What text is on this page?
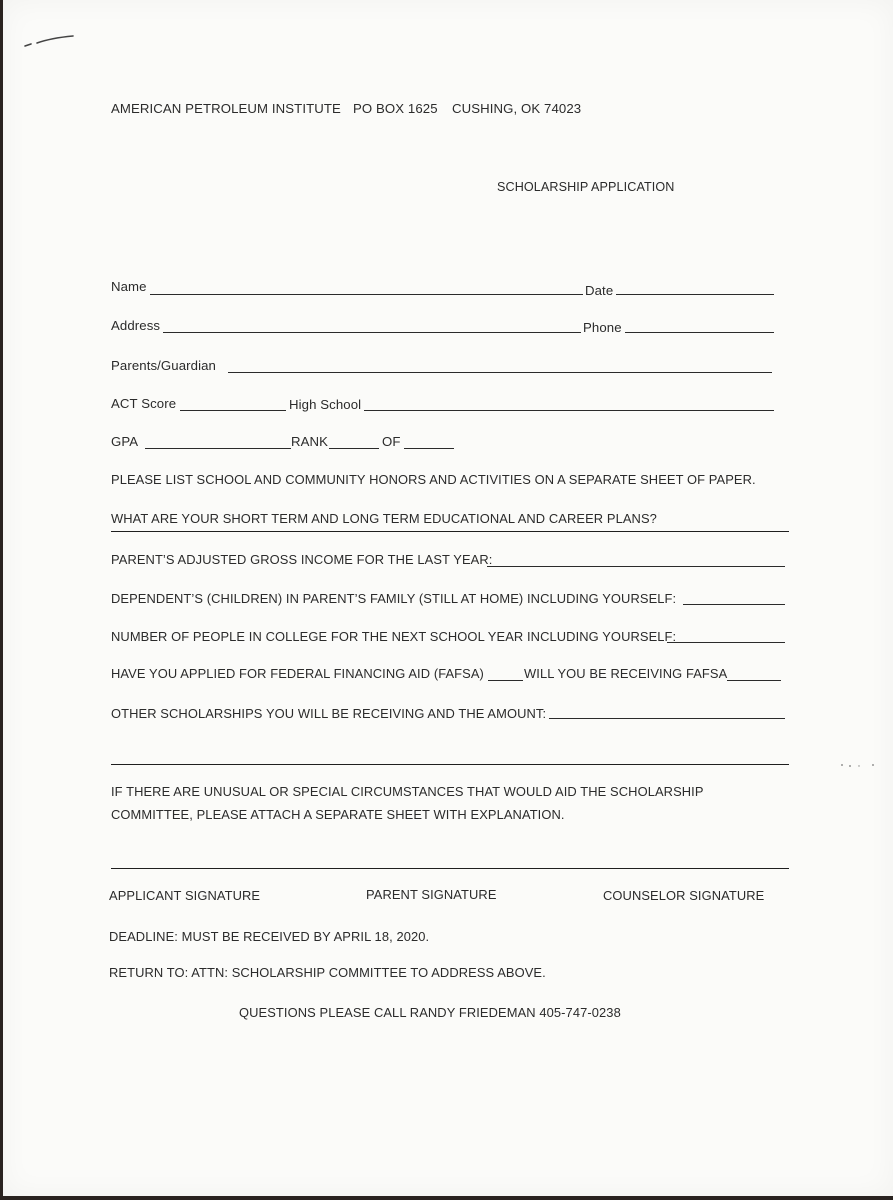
AMERICAN PETROLEUM INSTITUTE PO BOX 1625 CUSHING, OK 74023
SCHOLARSHIP APPLICATION
Name	Date
Address	Phone
Parents/Guardian
ACT Score	High School
GPA	RANK	OF
PLEASE LIST SCHOOL AND COMMUNITY HONORS AND ACTIVITIES ON A SEPARATE SHEET OF PAPER.
WHAT ARE YOUR SHORT TERM AND LONG TERM EDUCATIONAL AND CAREER PLANS?
PARENT’S ADJUSTED GROSS INCOME FOR THE LAST YEAR:
DEPENDENT’S (CHILDREN) IN PARENT’S FAMILY (STILL AT HOME) INCLUDING YOURSELF:
NUMBER OF PEOPLE IN COLLEGE FOR THE NEXT SCHOOL YEAR INCLUDING YOURSELF:
HAVE YOU APPLIED FOR FEDERAL FINANCING AID (FAFSA)	WILL YOU BE RECEIVING FAFSA
OTHER SCHOLARSHIPS YOU WILL BE RECEIVING AND THE AMOUNT:
IF THERE ARE UNUSUAL OR SPECIAL CIRCUMSTANCES THAT WOULD AID THE SCHOLARSHIP
COMMITTEE, PLEASE ATTACH A SEPARATE SHEET WITH EXPLANATION.
APPLICANT SIGNATURE	PARENT SIGNATURE	COUNSELOR SIGNATURE
DEADLINE: MUST BE RECEIVED BY APRIL 18, 2020.
RETURN TO: ATTN: SCHOLARSHIP COMMITTEE TO ADDRESS ABOVE.
QUESTIONS PLEASE CALL RANDY FRIEDEMAN 405-747-0238
